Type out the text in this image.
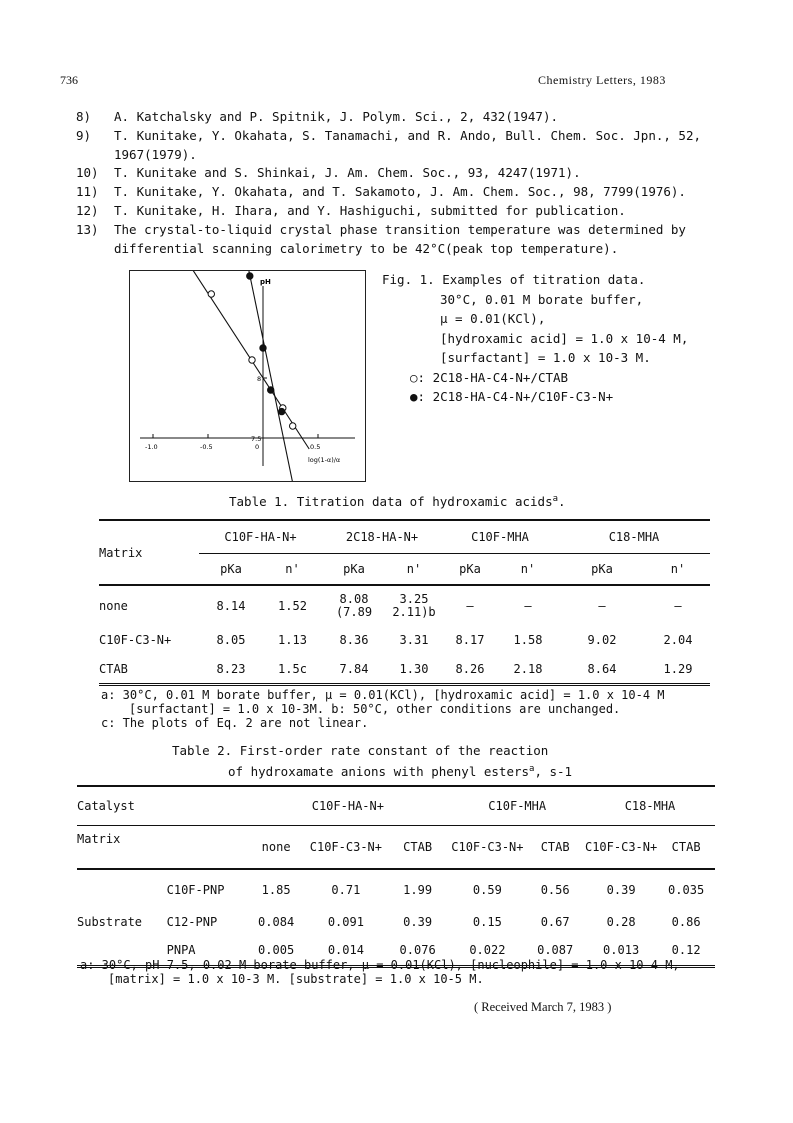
736	Chemistry Letters, 1983
8)	A. Katchalsky and P. Spitnik, J. Polym. Sci., 2, 432(1947).
9)	T. Kunitake, Y. Okahata, S. Tanamachi, and R. Ando, Bull. Chem. Soc. Jpn., 52, 1967(1979).
10)	T. Kunitake and S. Shinkai, J. Am. Chem. Soc., 93, 4247(1971).
11)	T. Kunitake, Y. Okahata, and T. Sakamoto, J. Am. Chem. Soc., 98, 7799(1976).
12)	T. Kunitake, H. Ihara, and Y. Hashiguchi, submitted for publication.
13)	The crystal-to-liquid crystal phase transition temperature was determined by differential scanning calorimetry to be 42°C(peak top temperature).
-1.0	-0.5	0	0.5
7.5
8
pH
log(1-α)/α
Fig. 1. Examples of titration data.
30°C, 0.01 M borate buffer,
μ = 0.01(KCl),
[hydroxamic acid] = 1.0 x 10-4 M,
[surfactant] = 1.0 x 10-3 M.
○: 2C18-HA-C4-N+/CTAB
●: 2C18-HA-C4-N+/C10F-C3-N+
Table 1. Titration data of hydroxamic acids$^a$.
Matrix	C10F-HA-N+		2C18-HA-N+		C10F-MHA		C18-MHA	
	pKa	n'	pKa	n'	pKa	n'	pKa	n'
none	8.14	1.52	8.08 (7.89	3.25 2.11)b	—	—	—	—
C10F-C3-N+	8.05	1.13	8.36	3.31	8.17	1.58	9.02	2.04
CTAB	8.23	1.5c	7.84	1.30	8.26	2.18	8.64	1.29
a: 30°C, 0.01 M borate buffer, μ = 0.01(KCl), [hydroxamic acid] = 1.0 x 10-4 M
[surfactant] = 1.0 x 10-3M. b: 50°C, other conditions are unchanged.
c: The plots of Eq. 2 are not linear.
Table 2. First-order rate constant of the reaction
of hydroxamate anions with phenyl esters$^a$, s-1
Catalyst		C10F-HA-N+			C10F-MHA		C18-MHA	
Matrix		none	C10F-C3-N+	CTAB	C10F-C3-N+	CTAB	C10F-C3-N+	CTAB
	C10F-PNP	1.85	0.71	1.99	0.59	0.56	0.39	0.035
Substrate	C12-PNP	0.084	0.091	0.39	0.15	0.67	0.28	0.86
	PNPA	0.005	0.014	0.076	0.022	0.087	0.013	0.12
a: 30°C, pH 7.5, 0.02 M borate buffer, μ = 0.01(KCl), [nucleophile] = 1.0 x 10-4 M,
[matrix] = 1.0 x 10-3 M. [substrate] = 1.0 x 10-5 M.
( Received March 7, 1983 )
